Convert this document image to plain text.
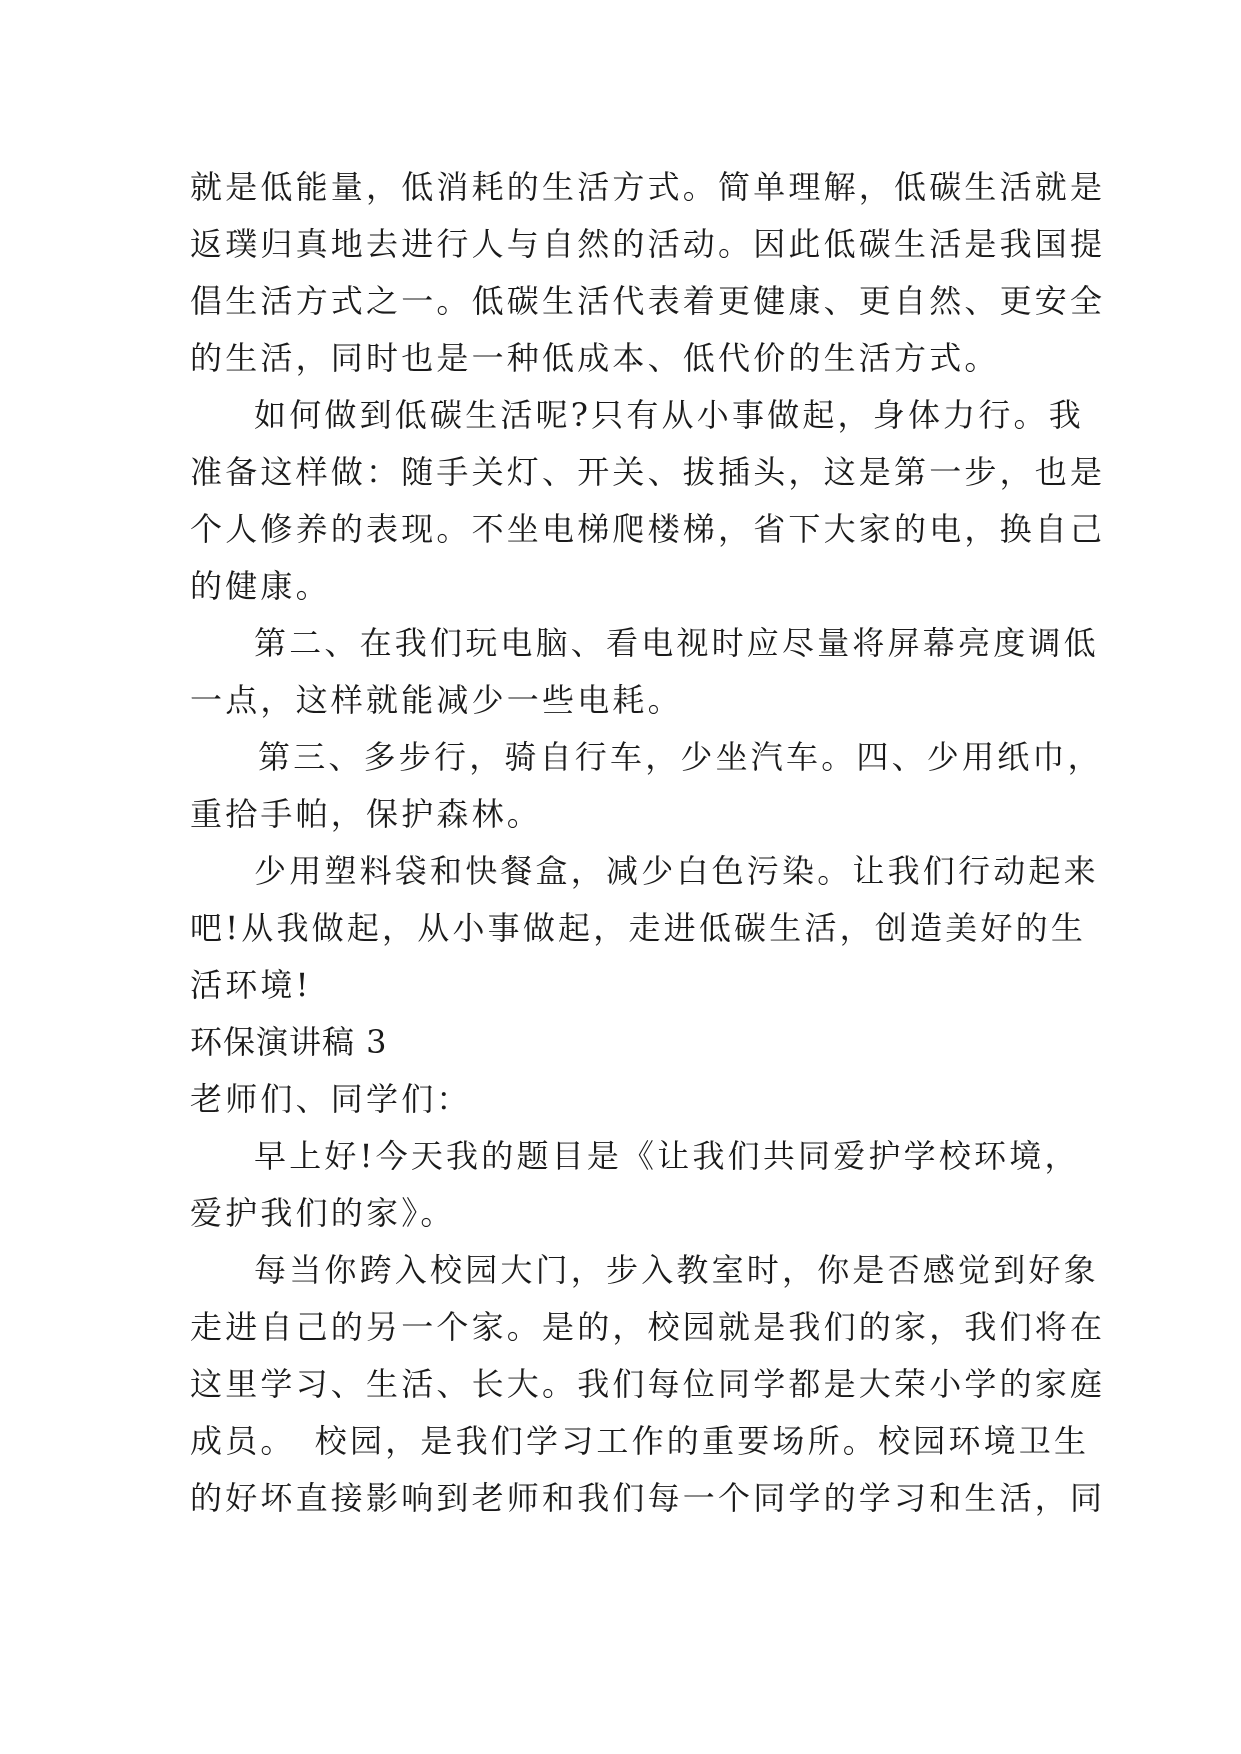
就是低能量，低消耗的生活方式。简单理解，低碳生活就是
返璞归真地去进行人与自然的活动。因此低碳生活是我国提
倡生活方式之一。低碳生活代表着更健康、更自然、更安全
的生活，同时也是一种低成本、低代价的生活方式。
如何做到低碳生活呢?只有从小事做起，身体力行。我
准备这样做：随手关灯、开关、拔插头，这是第一步，也是
个人修养的表现。不坐电梯爬楼梯，省下大家的电，换自己
的健康。
第二、在我们玩电脑、看电视时应尽量将屏幕亮度调低
一点，这样就能减少一些电耗。
第三、多步行，骑自行车，少坐汽车。四、少用纸巾，
重拾手帕，保护森林。
少用塑料袋和快餐盒，减少白色污染。让我们行动起来
吧!从我做起，从小事做起，走进低碳生活，创造美好的生
活环境!
环保演讲稿 3
老师们、同学们：
早上好!今天我的题目是《让我们共同爱护学校环境，
爱护我们的家》。
每当你跨入校园大门，步入教室时，你是否感觉到好象
走进自己的另一个家。是的，校园就是我们的家，我们将在
这里学习、生活、长大。我们每位同学都是大荣小学的家庭
成员。　校园，是我们学习工作的重要场所。校园环境卫生
的好坏直接影响到老师和我们每一个同学的学习和生活，同
